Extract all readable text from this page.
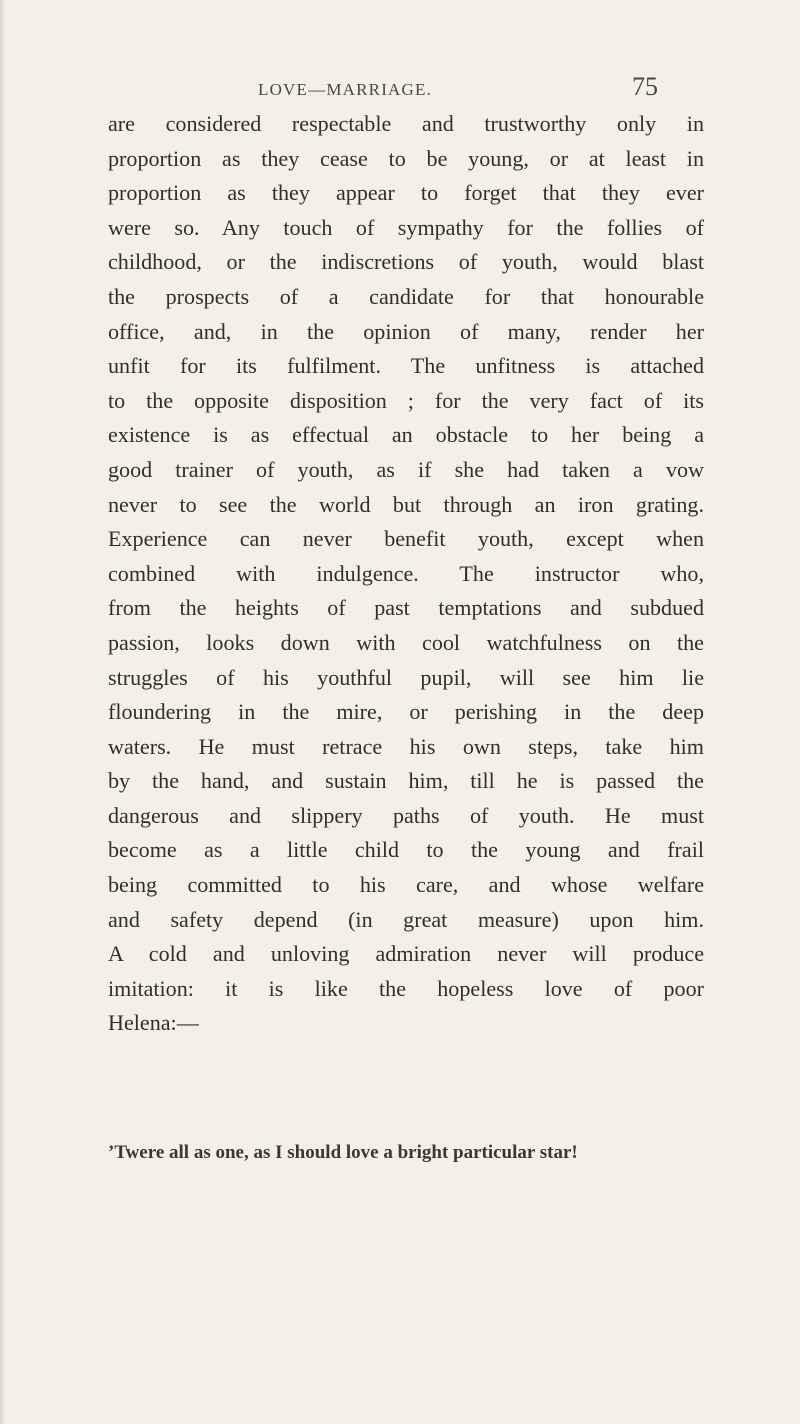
LOVE—MARRIAGE.	75
are considered respectable and trustworthy only in
proportion as they cease to be young, or at least in
proportion as they appear to forget that they ever
were so. Any touch of sympathy for the follies of
childhood, or the indiscretions of youth, would blast
the prospects of a candidate for that honourable
office, and, in the opinion of many, render her
unfit for its fulfilment. The unfitness is attached
to the opposite disposition ; for the very fact of its
existence is as effectual an obstacle to her being a
good trainer of youth, as if she had taken a vow
never to see the world but through an iron grating.
Experience can never benefit youth, except when
combined with indulgence. The instructor who,
from the heights of past temptations and subdued
passion, looks down with cool watchfulness on the
struggles of his youthful pupil, will see him lie
floundering in the mire, or perishing in the deep
waters. He must retrace his own steps, take him
by the hand, and sustain him, till he is passed the
dangerous and slippery paths of youth. He must
become as a little child to the young and frail
being committed to his care, and whose welfare
and safety depend (in great measure) upon him.
A cold and unloving admiration never will produce
imitation: it is like the hopeless love of poor
Helena:—
’Twere all as one, as I should love a bright particular star!
